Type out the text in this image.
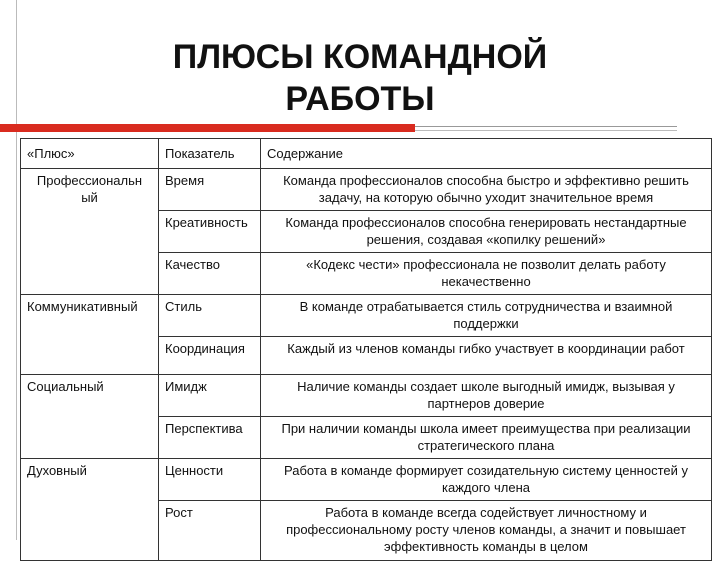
ПЛЮСЫ КОМАНДНОЙ
РАБОТЫ
«Плюс»	Показатель	Содержание
Профессиональн ый	Время	Команда профессионалов способна быстро и эффективно решить задачу, на которую обычно уходит значительное время
	Креативность	Команда профессионалов способна генерировать нестандартные решения, создавая «копилку решений»
	Качество	«Кодекс чести» профессионала не позволит делать работу некачественно
Коммуникативный	Стиль	В команде отрабатывается стиль сотрудничества и взаимной поддержки
	Координация	Каждый из членов команды гибко участвует в координации работ
Социальный	Имидж	Наличие команды создает школе выгодный имидж, вызывая у партнеров доверие
	Перспектива	При наличии команды школа имеет преимущества при реализации стратегического плана
Духовный	Ценности	Работа в команде формирует созидательную систему ценностей у каждого члена
	Рост	Работа в команде всегда содействует личностному и профессиональному росту членов команды, а значит и повышает эффективность команды в целом
